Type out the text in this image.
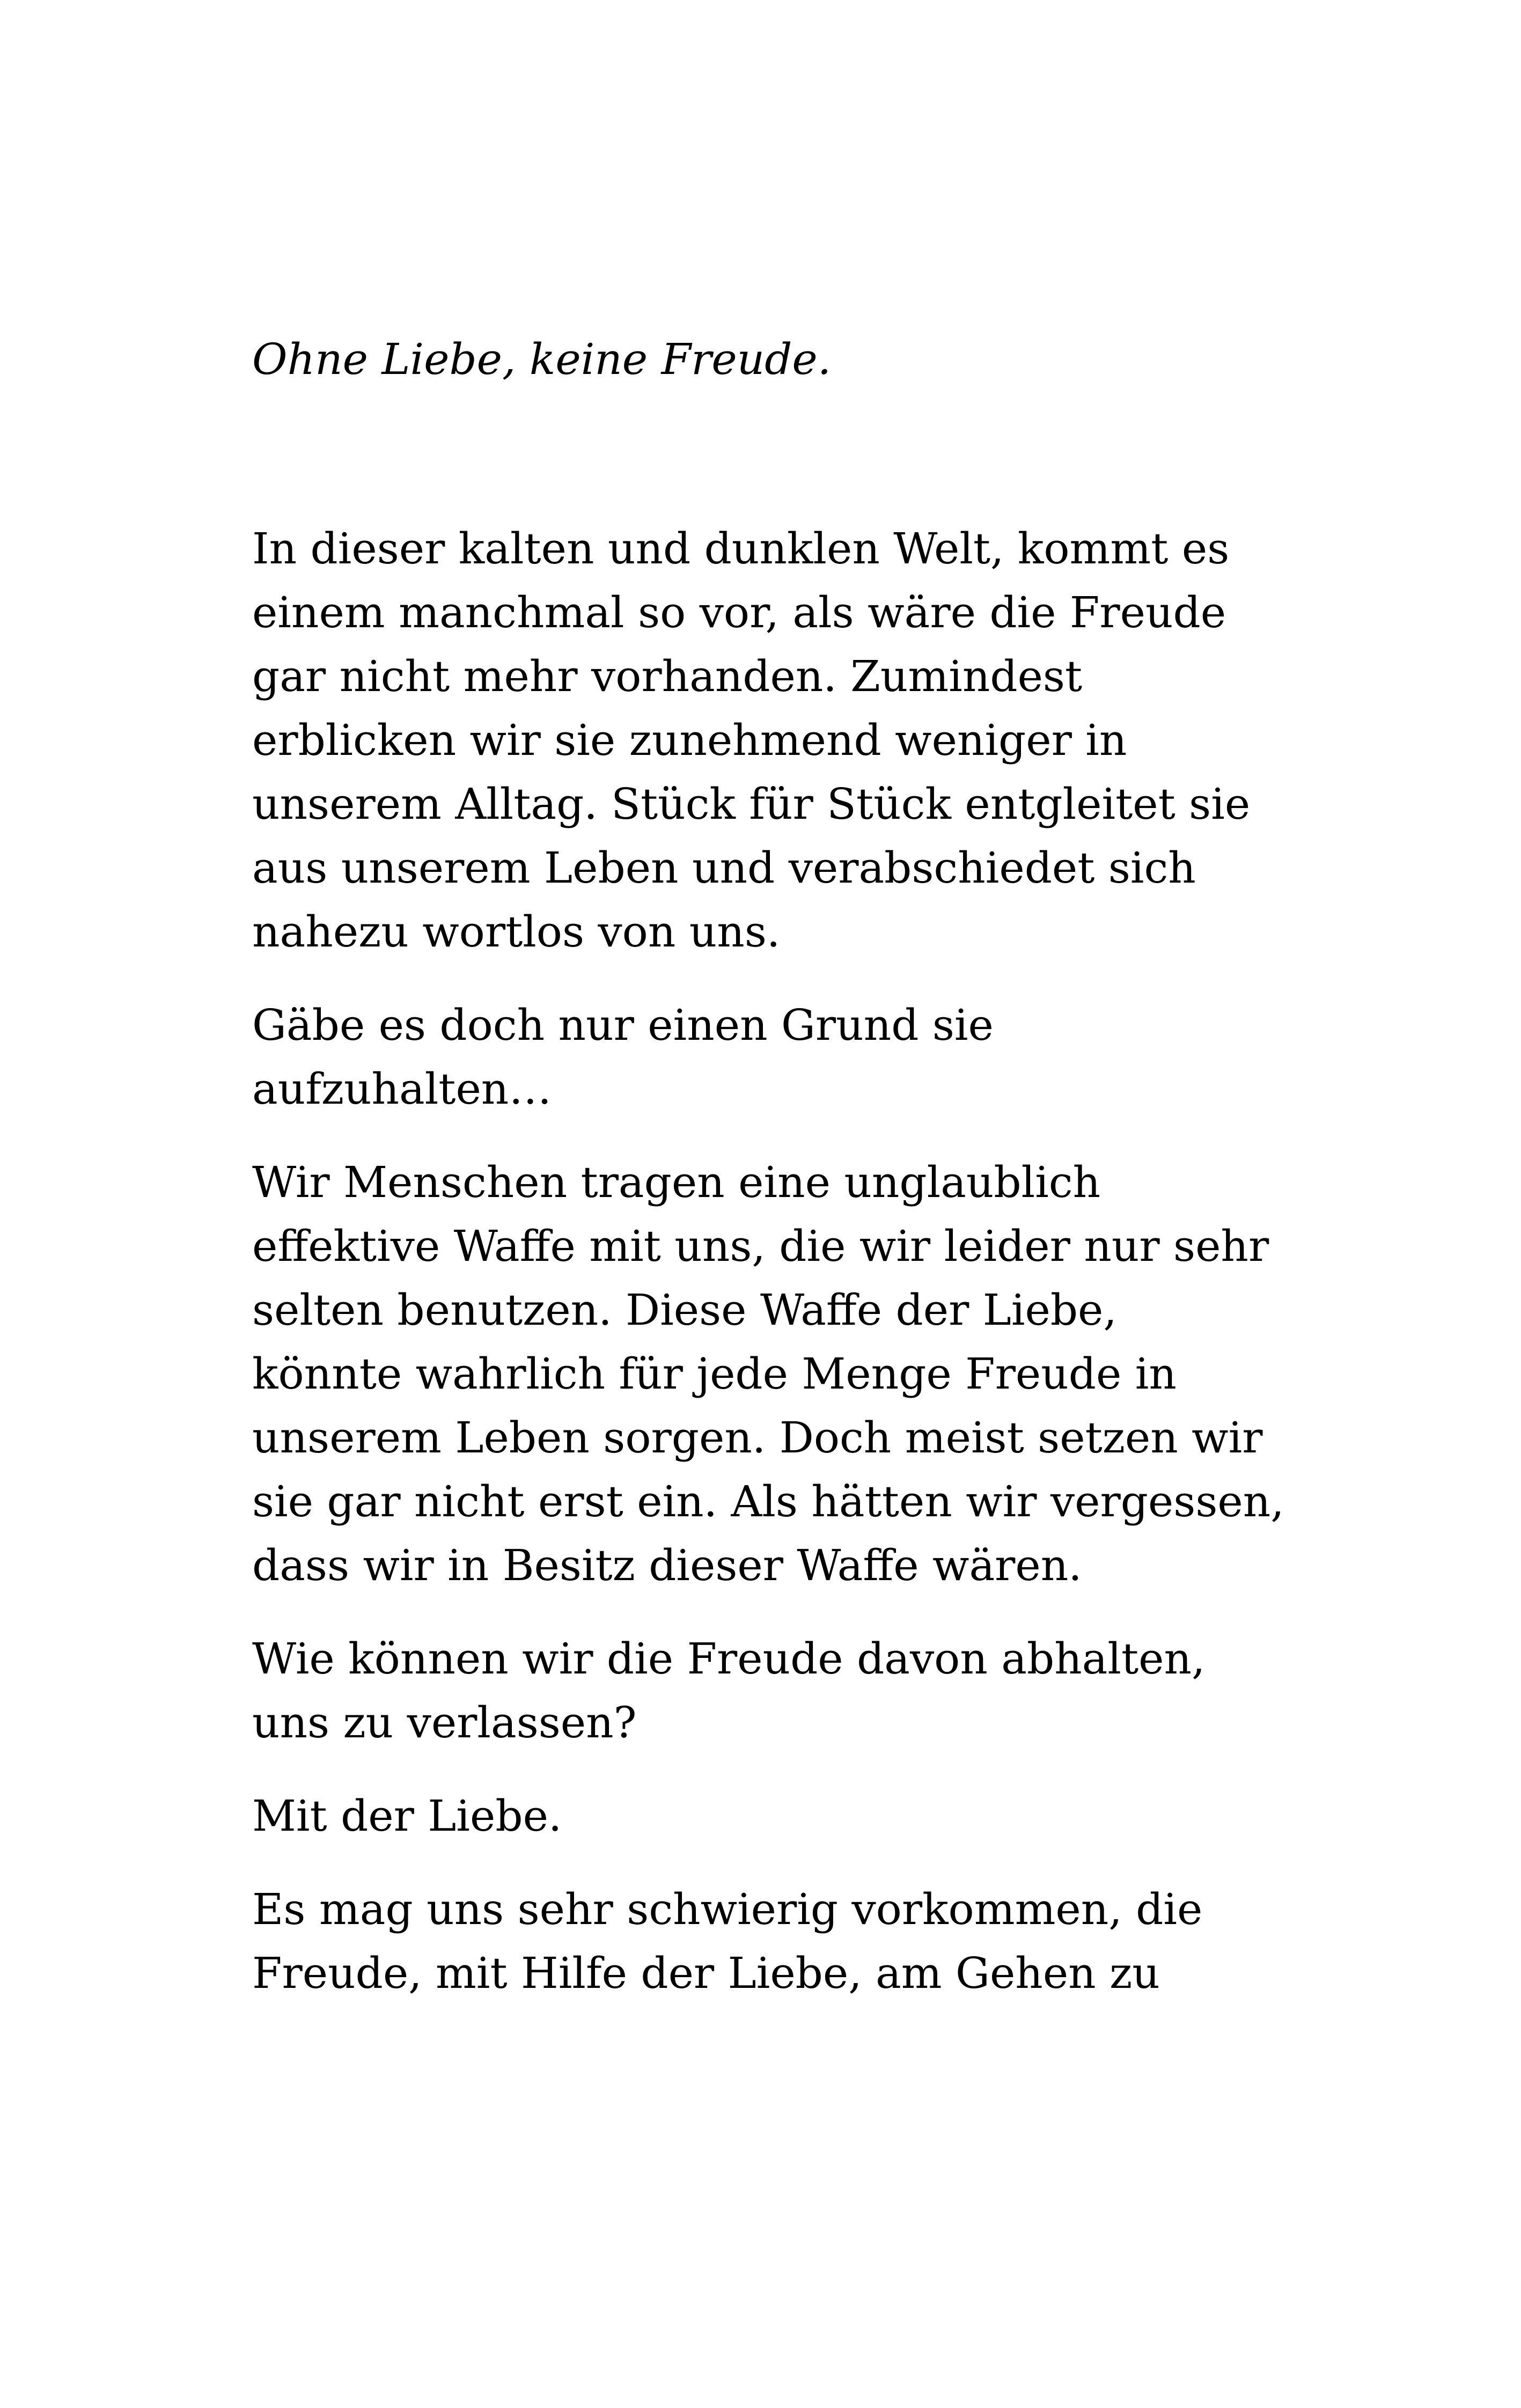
Ohne Liebe, keine Freude.

In dieser kalten und dunklen Welt, kommt es
einem manchmal so vor, als wäre die Freude
gar nicht mehr vorhanden. Zumindest
erblicken wir sie zunehmend weniger in
unserem Alltag. Stück für Stück entgleitet sie
aus unserem Leben und verabschiedet sich
nahezu wortlos von uns.
Gäbe es doch nur einen Grund sie
aufzuhalten…
Wir Menschen tragen eine unglaublich
effektive Waffe mit uns, die wir leider nur sehr
selten benutzen. Diese Waffe der Liebe,
könnte wahrlich für jede Menge Freude in
unserem Leben sorgen. Doch meist setzen wir
sie gar nicht erst ein. Als hätten wir vergessen,
dass wir in Besitz dieser Waffe wären.
Wie können wir die Freude davon abhalten,
uns zu verlassen?
Mit der Liebe.
Es mag uns sehr schwierig vorkommen, die
Freude, mit Hilfe der Liebe, am Gehen zu
